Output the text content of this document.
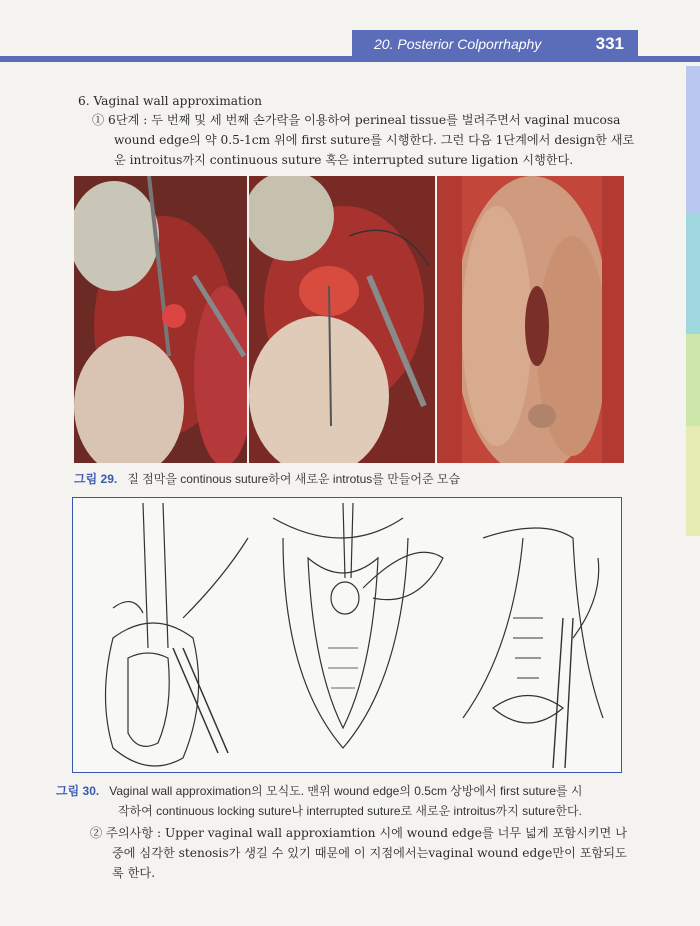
20. Posterior Colporrhaphy	331
6. Vaginal wall approximation
① 6단계 : 두 번째 및 세 번째 손가락을 이용하여 perineal tissue를 벌려주면서 vaginal mucosa
wound edge의 약 0.5-1cm 위에 first suture를 시행한다. 그런 다음 1단계에서 design한 새로
운 introitus까지 continuous suture 혹은 interrupted suture ligation 시행한다.
그림 29. 질 점막을 continous suture하여 새로운 introtus를 만들어준 모습
그림 30. Vaginal wall approximation의 모식도. 맨위 wound edge의 0.5cm 상방에서 first suture를 시
작하여 continuous locking suture나 interrupted suture로 새로운 introitus까지 suture한다.
② 주의사항 : Upper vaginal wall approxiamtion 시에 wound edge를 너무 넓게 포함시키면 나
중에 심각한 stenosis가 생길 수 있기 때문에 이 지점에서는vaginal wound edge만이 포함되도
록 한다.
